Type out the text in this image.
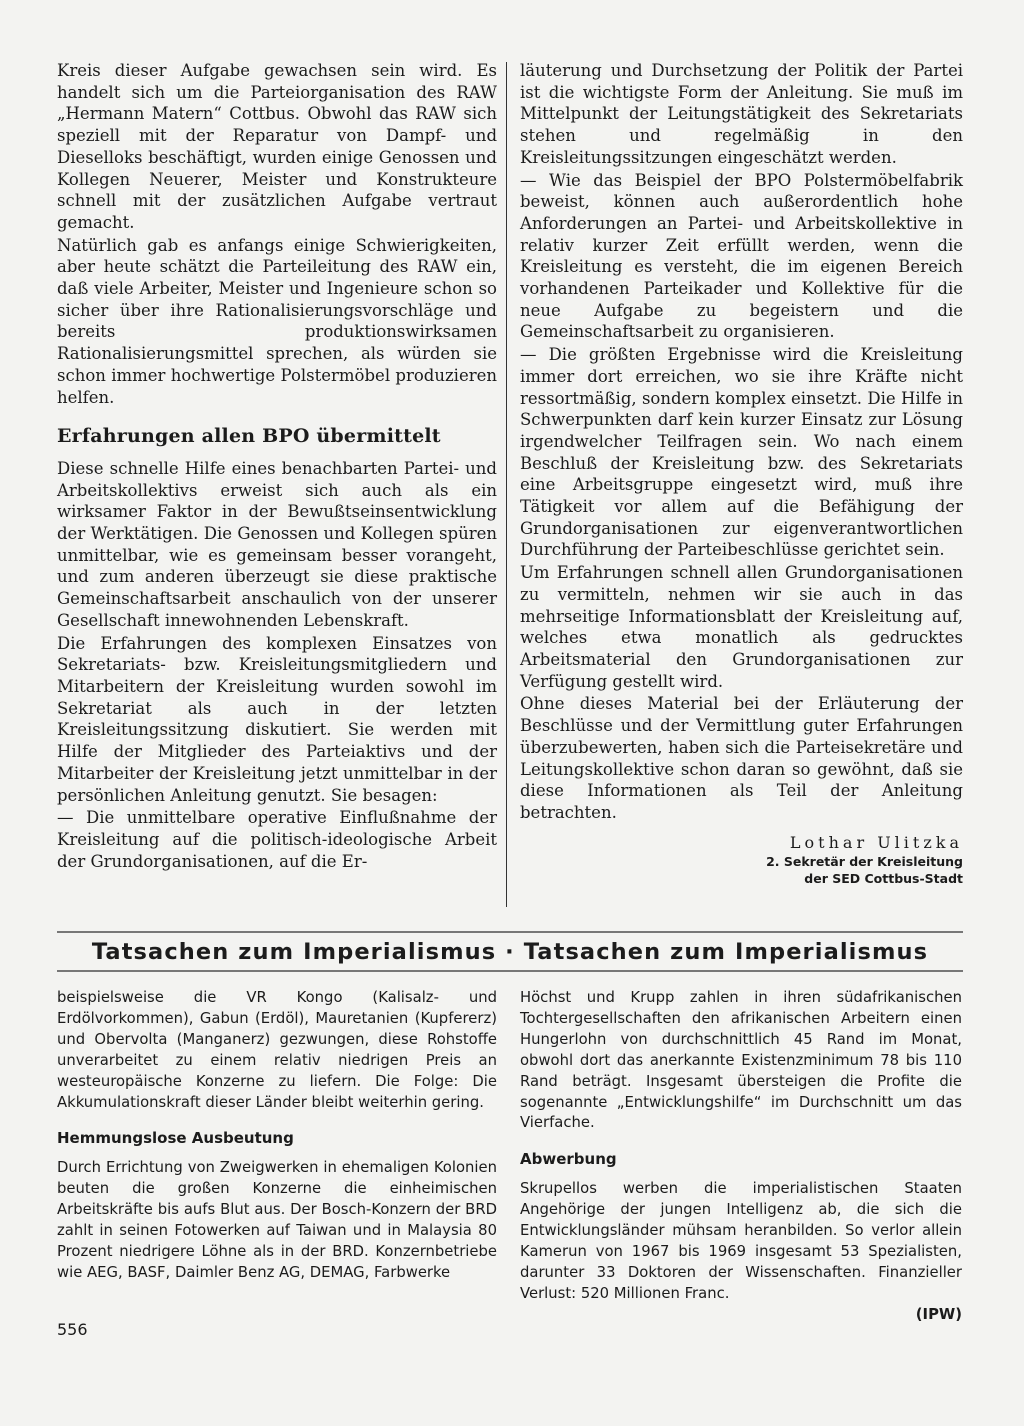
Kreis dieser Aufgabe gewachsen sein wird. Es handelt sich um die Parteiorganisation des RAW „Hermann Matern“ Cottbus. Obwohl das RAW sich speziell mit der Reparatur von Dampf- und Dieselloks beschäftigt, wurden einige Genossen und Kollegen Neuerer, Meister und Konstrukteure schnell mit der zusätzlichen Aufgabe vertraut gemacht.

Natürlich gab es anfangs einige Schwierigkeiten, aber heute schätzt die Parteileitung des RAW ein, daß viele Arbeiter, Meister und Ingenieure schon so sicher über ihre Rationalisierungsvorschläge und bereits produktionswirksamen Rationalisierungsmittel sprechen, als würden sie schon immer hochwertige Polstermöbel produzieren helfen.

Erfahrungen allen BPO übermittelt

Diese schnelle Hilfe eines benachbarten Partei- und Arbeitskollektivs erweist sich auch als ein wirksamer Faktor in der Bewußtseinsentwicklung der Werktätigen. Die Genossen und Kollegen spüren unmittelbar, wie es gemeinsam besser vorangeht, und zum anderen überzeugt sie diese praktische Gemeinschaftsarbeit anschaulich von der unserer Gesellschaft innewohnenden Lebenskraft.

Die Erfahrungen des komplexen Einsatzes von Sekretariats- bzw. Kreisleitungsmitgliedern und Mitarbeitern der Kreisleitung wurden sowohl im Sekretariat als auch in der letzten Kreisleitungssitzung diskutiert. Sie werden mit Hilfe der Mitglieder des Parteiaktivs und der Mitarbeiter der Kreisleitung jetzt unmittelbar in der persönlichen Anleitung genutzt. Sie besagen:

— Die unmittelbare operative Einflußnahme der Kreisleitung auf die politisch-ideologische Arbeit der Grundorganisationen, auf die Er-

läuterung und Durchsetzung der Politik der Partei ist die wichtigste Form der Anleitung. Sie muß im Mittelpunkt der Leitungstätigkeit des Sekretariats stehen und regelmäßig in den Kreisleitungssitzungen eingeschätzt werden.

— Wie das Beispiel der BPO Polstermöbelfabrik beweist, können auch außerordentlich hohe Anforderungen an Partei- und Arbeitskollektive in relativ kurzer Zeit erfüllt werden, wenn die Kreisleitung es versteht, die im eigenen Bereich vorhandenen Parteikader und Kollektive für die neue Aufgabe zu begeistern und die Gemeinschaftsarbeit zu organisieren.

— Die größten Ergebnisse wird die Kreisleitung immer dort erreichen, wo sie ihre Kräfte nicht ressortmäßig, sondern komplex einsetzt. Die Hilfe in Schwerpunkten darf kein kurzer Einsatz zur Lösung irgendwelcher Teilfragen sein. Wo nach einem Beschluß der Kreisleitung bzw. des Sekretariats eine Arbeitsgruppe eingesetzt wird, muß ihre Tätigkeit vor allem auf die Befähigung der Grundorganisationen zur eigenverantwortlichen Durchführung der Parteibeschlüsse gerichtet sein.

Um Erfahrungen schnell allen Grundorganisationen zu vermitteln, nehmen wir sie auch in das mehrseitige Informationsblatt der Kreisleitung auf, welches etwa monatlich als gedrucktes Arbeitsmaterial den Grundorganisationen zur Verfügung gestellt wird.

Ohne dieses Material bei der Erläuterung der Beschlüsse und der Vermittlung guter Erfahrungen überzubewerten, haben sich die Parteisekretäre und Leitungskollektive schon daran so gewöhnt, daß sie diese Informationen als Teil der Anleitung betrachten.

Lothar Ulitzka
2. Sekretär der Kreisleitung
der SED Cottbus-Stadt
Tatsachen zum Imperialismus · Tatsachen zum Imperialismus

beispielsweise die VR Kongo (Kalisalz- und Erdölvorkommen), Gabun (Erdöl), Mauretanien (Kupfererz) und Obervolta (Manganerz) gezwungen, diese Rohstoffe unverarbeitet zu einem relativ niedrigen Preis an westeuropäische Konzerne zu liefern. Die Folge: Die Akkumulationskraft dieser Länder bleibt weiterhin gering.

Hemmungslose Ausbeutung

Durch Errichtung von Zweigwerken in ehemaligen Kolonien beuten die großen Konzerne die einheimischen Arbeitskräfte bis aufs Blut aus. Der Bosch-Konzern der BRD zahlt in seinen Fotowerken auf Taiwan und in Malaysia 80 Prozent niedrigere Löhne als in der BRD. Konzernbetriebe wie AEG, BASF, Daimler Benz AG, DEMAG, Farbwerke

Höchst und Krupp zahlen in ihren südafrikanischen Tochtergesellschaften den afrikanischen Arbeitern einen Hungerlohn von durchschnittlich 45 Rand im Monat, obwohl dort das anerkannte Existenzminimum 78 bis 110 Rand beträgt. Insgesamt übersteigen die Profite die sogenannte „Entwicklungshilfe“ im Durchschnitt um das Vierfache.

Abwerbung

Skrupellos werben die imperialistischen Staaten Angehörige der jungen Intelligenz ab, die sich die Entwicklungsländer mühsam heranbilden. So verlor allein Kamerun von 1967 bis 1969 insgesamt 53 Spezialisten, darunter 33 Doktoren der Wissenschaften. Finanzieller Verlust: 520 Millionen Franc.

(IPW)
556
